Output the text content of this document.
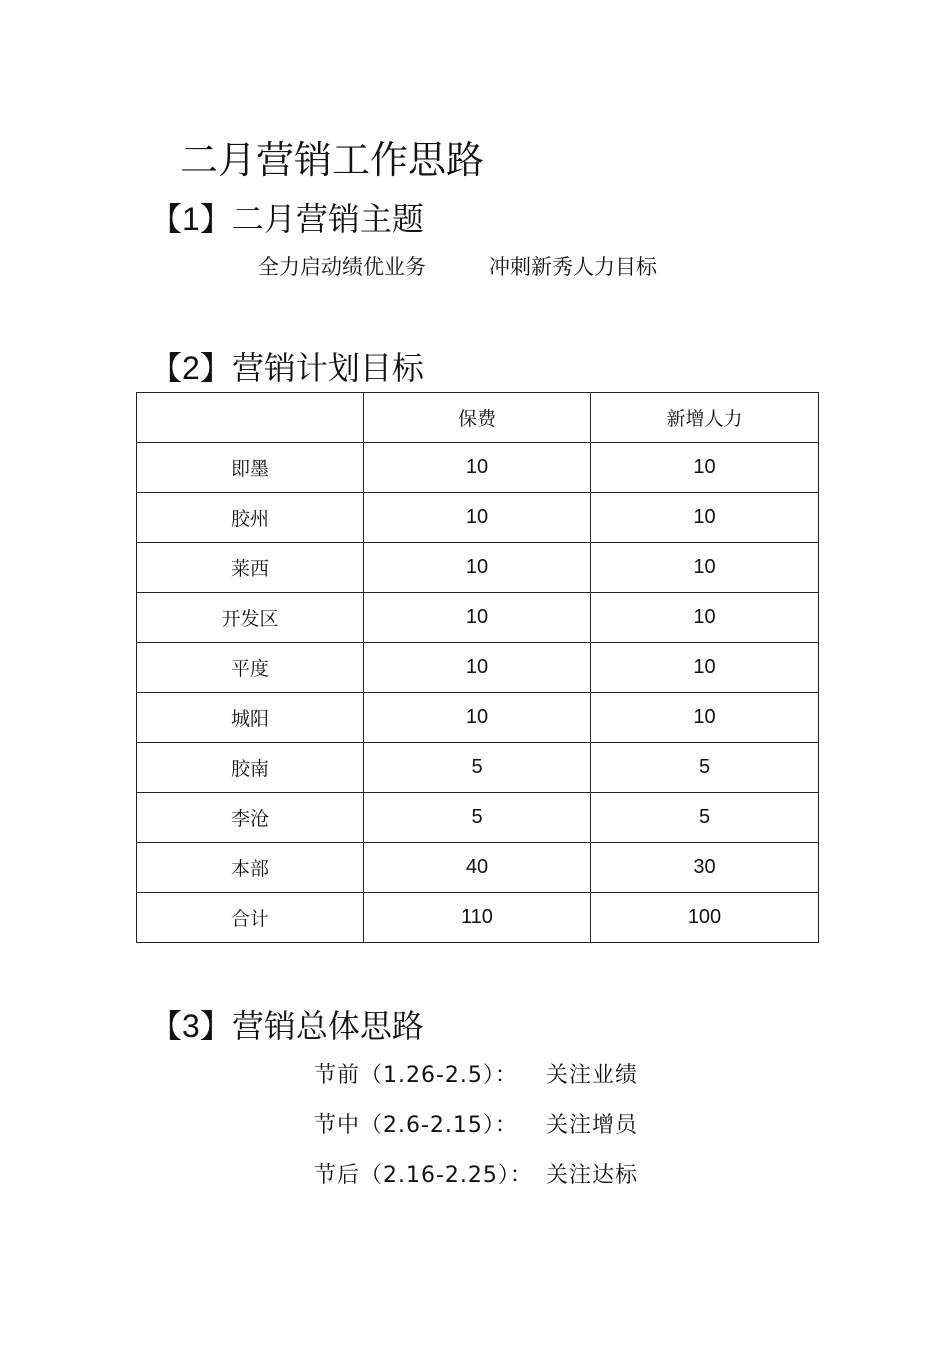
二月营销工作思路
【1】二月营销主题
全力启动绩优业务	冲刺新秀人力目标
【2】营销计划目标
	保费	新增人力
即墨	10	10
胶州	10	10
莱西	10	10
开发区	10	10
平度	10	10
城阳	10	10
胶南	5	5
李沧	5	5
本部	40	30
合计	110	100
【3】营销总体思路
节前（1.26-2.5）： 关注业绩
节中（2.6-2.15）： 关注增员
节后（2.16-2.25）： 关注达标
